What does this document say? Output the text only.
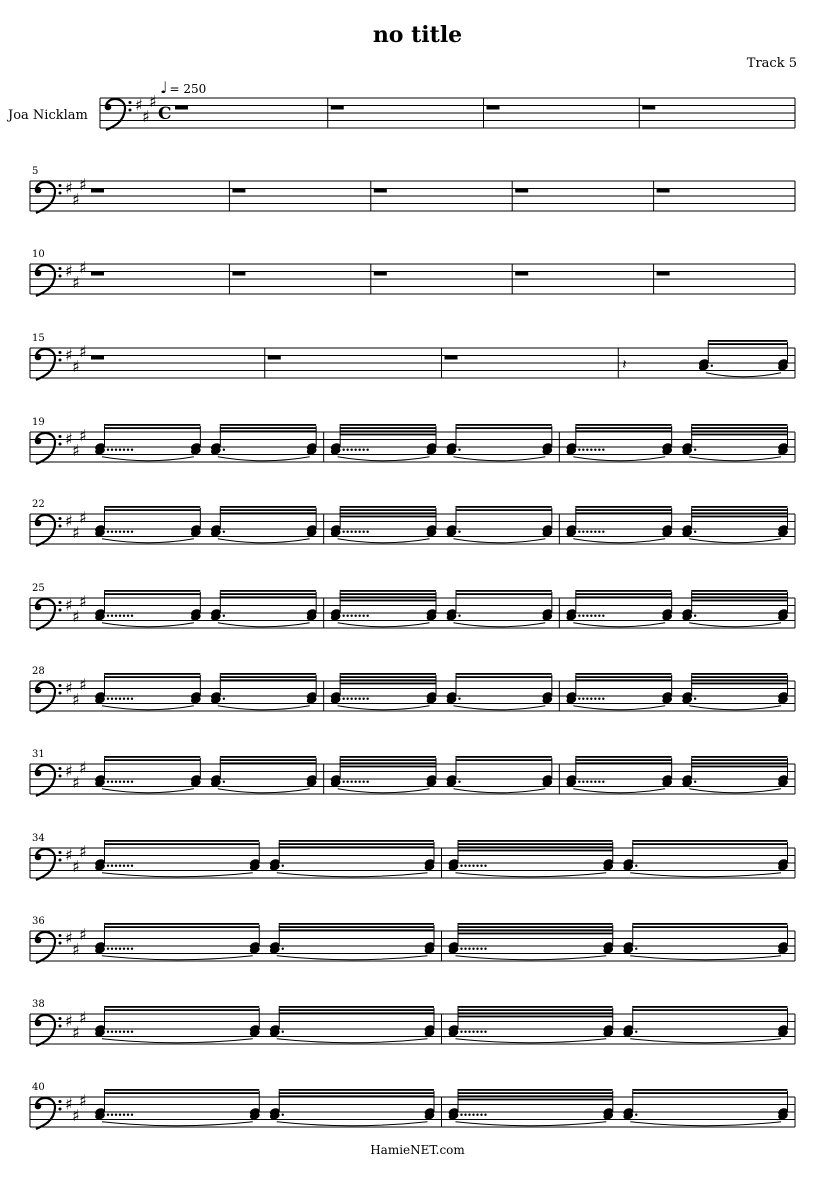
no title
Track 5
♩ = 250
Joa Nicklam
♯
♯
♯
C
♯
♯
♯
5
♯
♯
♯
10
♯
♯
♯
15
𝄽
♯
♯
♯
19
♯
♯
♯
22
♯
♯
♯
25
♯
♯
♯
28
♯
♯
♯
31
♯
♯
♯
34
♯
♯
♯
36
♯
♯
♯
38
♯
♯
♯
40
HamieNET.com
